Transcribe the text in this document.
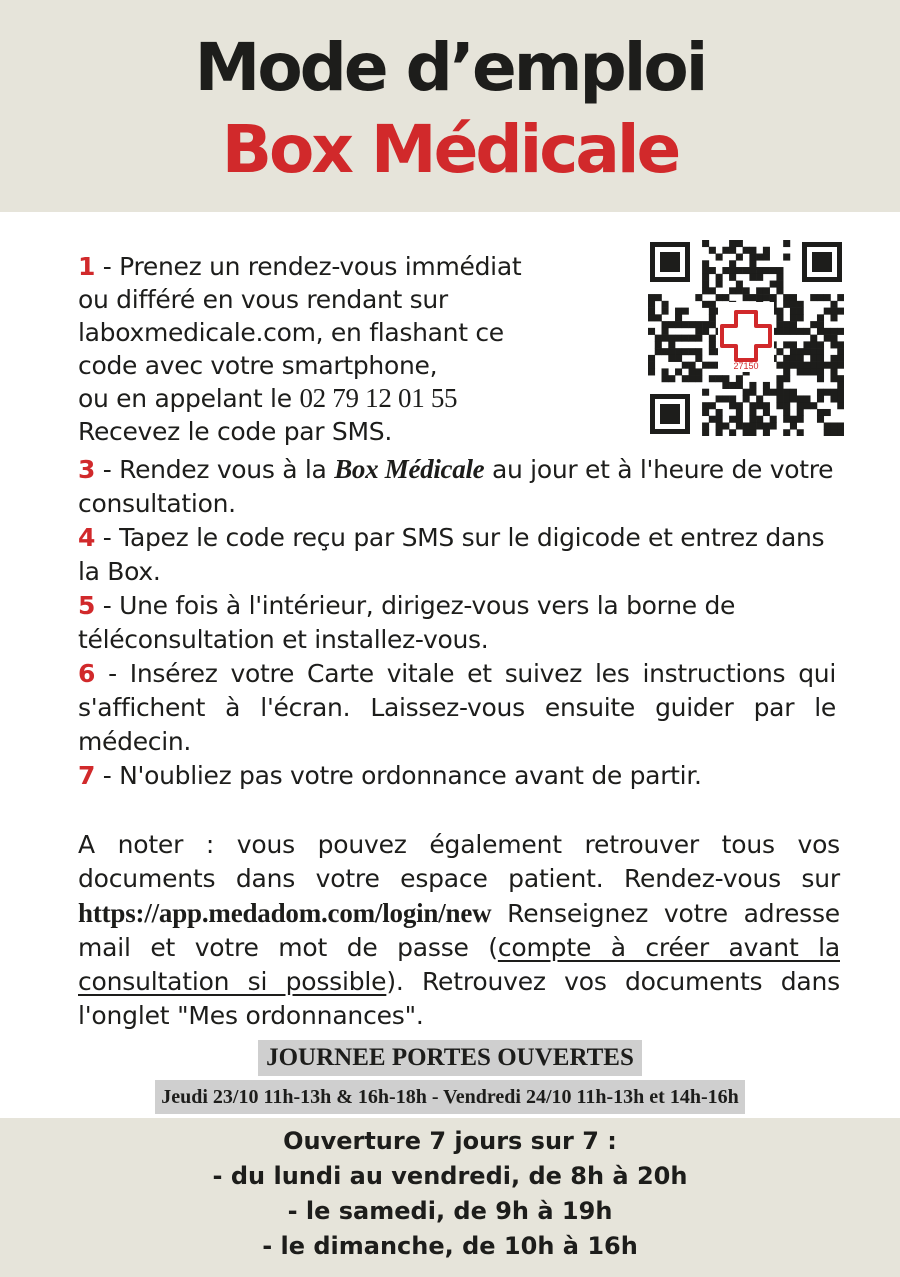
Mode d’emploi
Box Médicale
1 - Prenez un rendez-vous immédiat
ou différé en vous rendant sur
laboxmedicale.com, en flashant ce
code avec votre smartphone,
ou en appelant le 02 79 12 01 55
Recevez le code par SMS.
27150

3 - Rendez vous à la Box Médicale au jour et à l'heure de votre consultation.

4 - Tapez le code reçu par SMS sur le digicode et entrez dans la Box.

5 - Une fois à l'intérieur, dirigez-vous vers la borne de téléconsultation et installez-vous.

6 - Insérez votre Carte vitale et suivez les instructions qui s'affichent à l'écran. Laissez-vous ensuite guider par le médecin.

7 - N'oubliez pas votre ordonnance avant de partir.

A noter : vous pouvez également retrouver tous vos documents dans votre espace patient. Rendez-vous sur https://app.medadom.com/login/new Renseignez votre adresse mail et votre mot de passe (compte à créer avant la consultation si possible). Retrouvez vos documents dans l'onglet "Mes ordonnances".
JOURNEE PORTES OUVERTES
Jeudi 23/10 11h-13h & 16h-18h - Vendredi 24/10 11h-13h et 14h-16h
Ouverture 7 jours sur 7 :
- du lundi au vendredi, de 8h à 20h
- le samedi, de 9h à 19h
- le dimanche, de 10h à 16h
